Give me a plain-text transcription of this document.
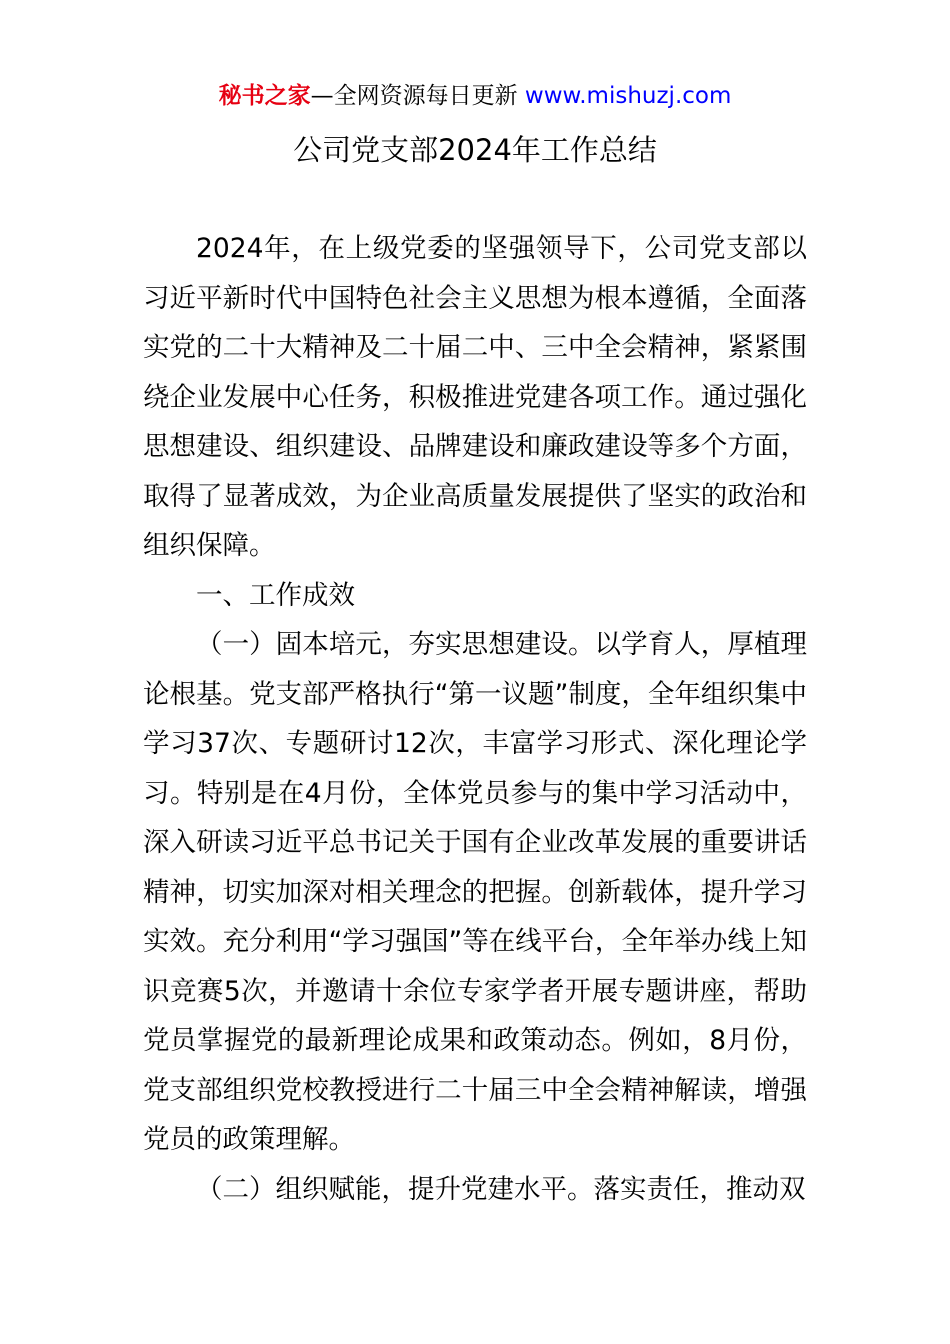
秘书之家—全网资源每日更新 www.mishuzj.com
公司党支部2024年工作总结

2024年，在上级党委的坚强领导下，公司党支部以习近平新时代中国特色社会主义思想为根本遵循，全面落实党的二十大精神及二十届二中、三中全会精神，紧紧围绕企业发展中心任务，积极推进党建各项工作。通过强化思想建设、组织建设、品牌建设和廉政建设等多个方面，取得了显著成效，为企业高质量发展提供了坚实的政治和组织保障。

一、工作成效

（一）固本培元，夯实思想建设。以学育人，厚植理论根基。党支部严格执行“第一议题”制度，全年组织集中学习37次、专题研讨12次，丰富学习形式、深化理论学习。特别是在4月份，全体党员参与的集中学习活动中，深入研读习近平总书记关于国有企业改革发展的重要讲话精神，切实加深对相关理念的把握。创新载体，提升学习实效。充分利用“学习强国”等在线平台，全年举办线上知识竞赛5次，并邀请十余位专家学者开展专题讲座，帮助党员掌握党的最新理论成果和政策动态。例如，8月份，党支部组织党校教授进行二十届三中全会精神解读，增强党员的政策理解。

（二）组织赋能，提升党建水平。落实责任，推动双
